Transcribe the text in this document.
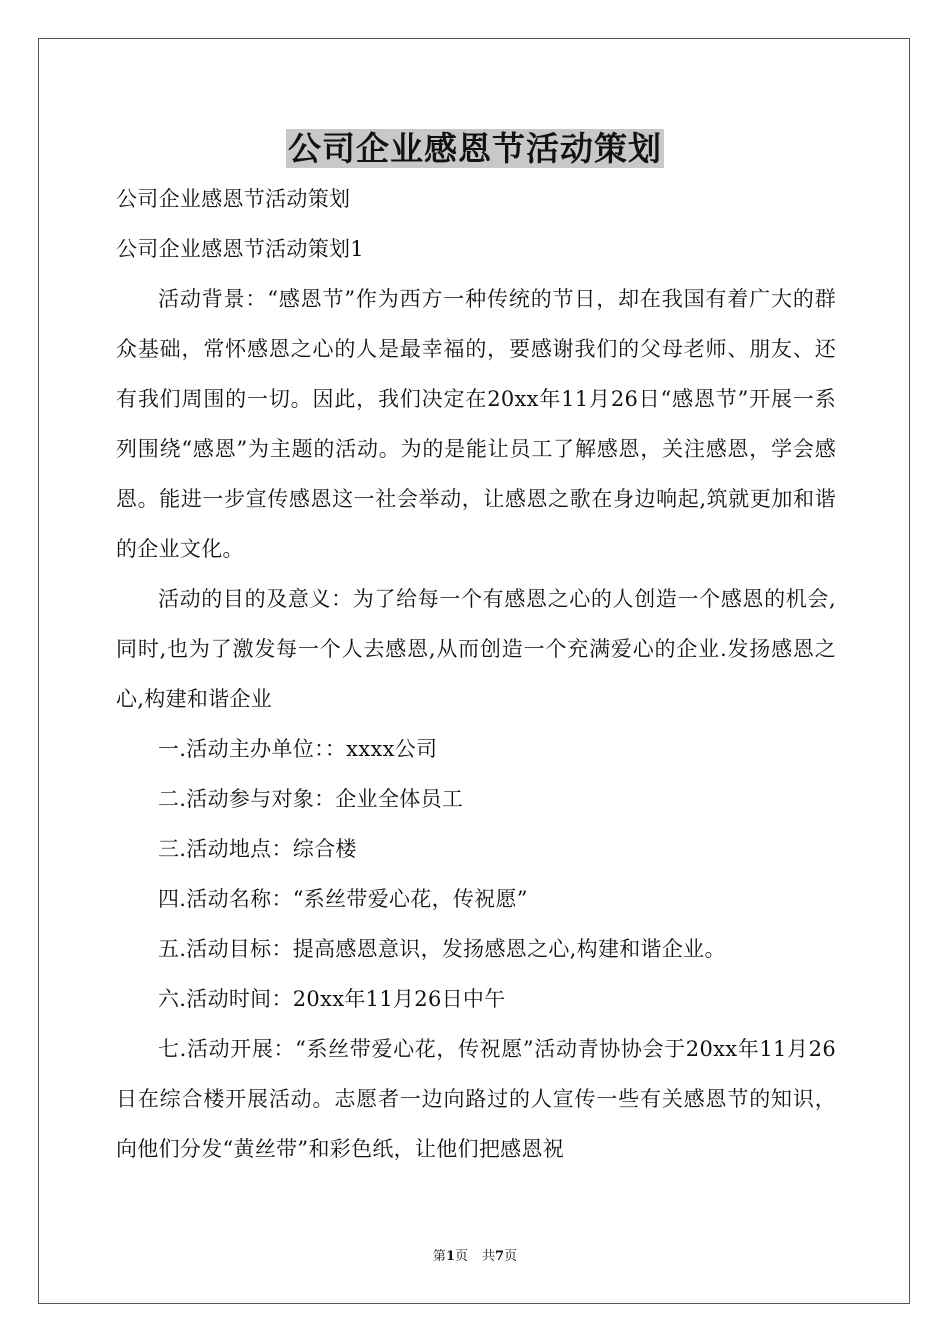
公司企业感恩节活动策划

公司企业感恩节活动策划

公司企业感恩节活动策划1

活动背景：“感恩节”作为西方一种传统的节日，却在我国有着广大的群众基础，常怀感恩之心的人是最幸福的，要感谢我们的父母老师、朋友、还有我们周围的一切。因此，我们决定在20xx年11月26日“感恩节”开展一系列围绕“感恩”为主题的活动。为的是能让员工了解感恩，关注感恩，学会感恩。能进一步宣传感恩这一社会举动，让感恩之歌在身边响起,筑就更加和谐的企业文化。

活动的目的及意义：为了给每一个有感恩之心的人创造一个感恩的机会,同时,也为了激发每一个人去感恩,从而创造一个充满爱心的企业.发扬感恩之心,构建和谐企业

一.活动主办单位：：xxxx公司

二.活动参与对象：企业全体员工

三.活动地点：综合楼

四.活动名称：“系丝带爱心花，传祝愿”

五.活动目标：提高感恩意识，发扬感恩之心,构建和谐企业。

六.活动时间：20xx年11月26日中午

七.活动开展：“系丝带爱心花，传祝愿”活动青协协会于20xx年11月26日在综合楼开展活动。志愿者一边向路过的人宣传一些有关感恩节的知识，向他们分发“黄丝带”和彩色纸，让他们把感恩祝

第1页 共7页
